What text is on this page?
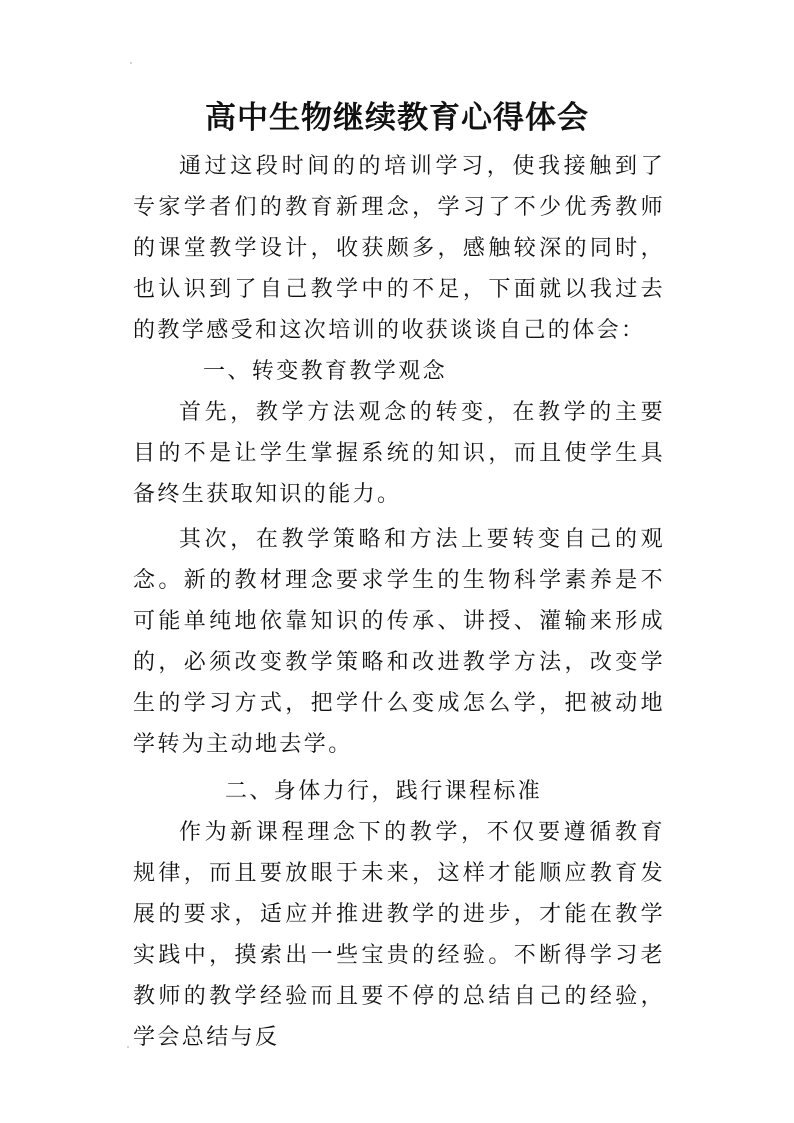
高中生物继续教育心得体会

通过这段时间的的培训学习，使我接触到了专家学者们的教育新理念，学习了不少优秀教师的课堂教学设计，收获颇多，感触较深的同时，也认识到了自己教学中的不足，下面就以我过去的教学感受和这次培训的收获谈谈自己的体会：

一、转变教育教学观念

首先，教学方法观念的转变，在教学的主要目的不是让学生掌握系统的知识，而且使学生具备终生获取知识的能力。

其次，在教学策略和方法上要转变自己的观念。新的教材理念要求学生的生物科学素养是不可能单纯地依靠知识的传承、讲授、灌输来形成的，必须改变教学策略和改进教学方法，改变学生的学习方式，把学什么变成怎么学，把被动地学转为主动地去学。

二、身体力行，践行课程标准

作为新课程理念下的教学，不仅要遵循教育规律，而且要放眼于未来，这样才能顺应教育发展的要求，适应并推进教学的进步，才能在教学实践中，摸索出一些宝贵的经验。不断得学习老教师的教学经验而且要不停的总结自己的经验，学会总结与反
